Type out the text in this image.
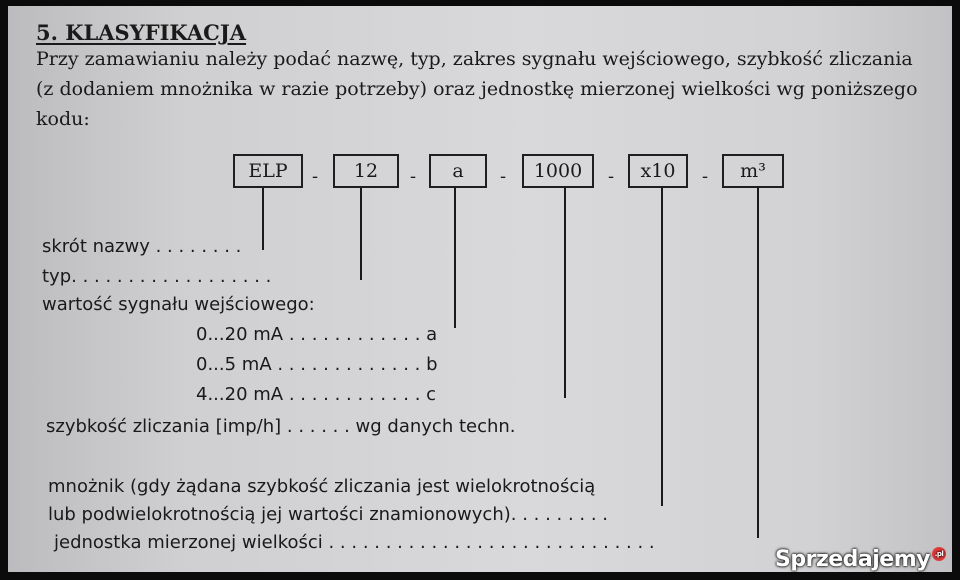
5. KLASYFIKACJA
Przy zamawianiu należy podać nazwę, typ, zakres sygnału wejściowego, szybkość zliczania
(z dodaniem mnożnika w razie potrzeby) oraz jednostkę mierzonej wielkości wg poniższego
kodu:
ELP	-	12	-	a	-	1000	-	x10	-	m³
skrót nazwy . . . . . . . .
typ. . . . . . . . . . . . . . . . . .
wartość sygnału wejściowego:
0...20 mA . . . . . . . . . . . . a
0...5 mA . . . . . . . . . . . . . b
4...20 mA . . . . . . . . . . . . c
szybkość zliczania [imp/h] . . . . . . wg danych techn.
mnożnik (gdy żądana szybkość zliczania jest wielokrotnością
lub podwielokrotnością jej wartości znamionowych). . . . . . . . .
jednostka mierzonej wielkości . . . . . . . . . . . . . . . . . . . . . . . . . . . . .
Sprzedajemy .pl
